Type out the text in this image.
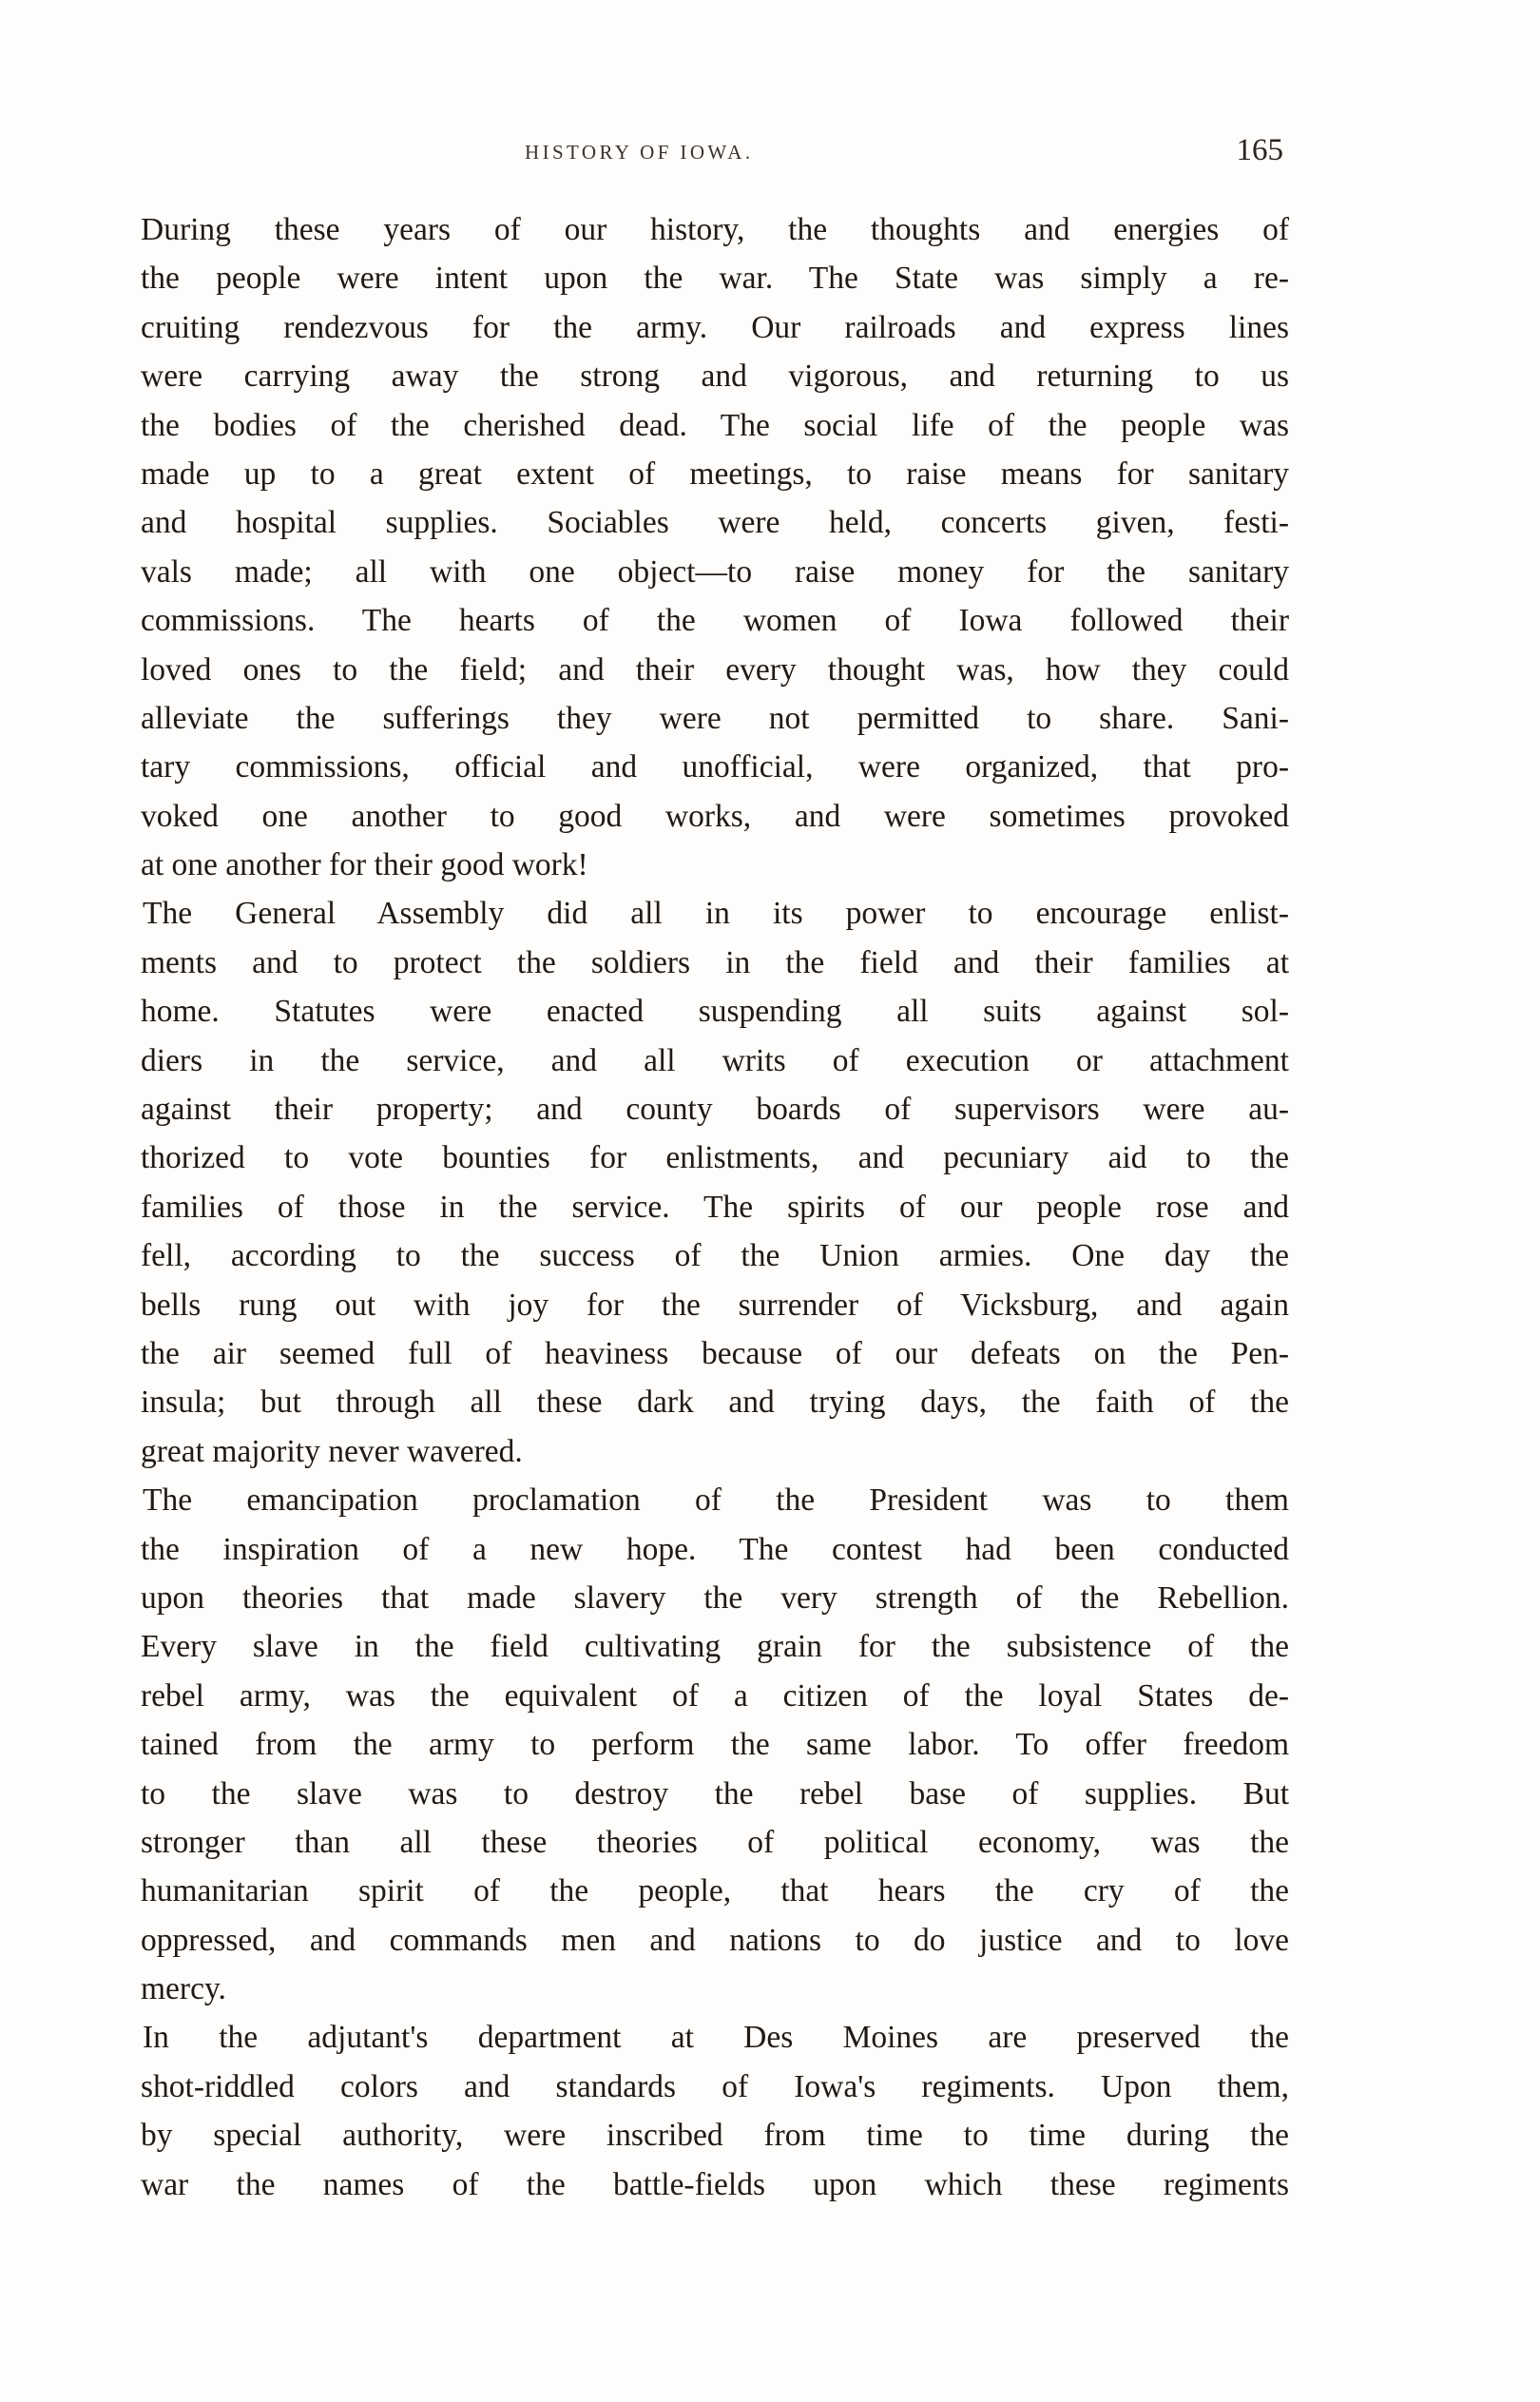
HISTORY OF IOWA.	165
During these years of our history, the thoughts and energies of
the people were intent upon the war. The State was simply a re-
cruiting rendezvous for the army. Our railroads and express lines
were carrying away the strong and vigorous, and returning to us
the bodies of the cherished dead. The social life of the people was
made up to a great extent of meetings, to raise means for sanitary
and hospital supplies. Sociables were held, concerts given, festi-
vals made; all with one object—to raise money for the sanitary
commissions. The hearts of the women of Iowa followed their
loved ones to the field; and their every thought was, how they could
alleviate the sufferings they were not permitted to share. Sani-
tary commissions, official and unofficial, were organized, that pro-
voked one another to good works, and were sometimes provoked
at one another for their good work!
The General Assembly did all in its power to encourage enlist-
ments and to protect the soldiers in the field and their families at
home. Statutes were enacted suspending all suits against sol-
diers in the service, and all writs of execution or attachment
against their property; and county boards of supervisors were au-
thorized to vote bounties for enlistments, and pecuniary aid to the
families of those in the service. The spirits of our people rose and
fell, according to the success of the Union armies. One day the
bells rung out with joy for the surrender of Vicksburg, and again
the air seemed full of heaviness because of our defeats on the Pen-
insula; but through all these dark and trying days, the faith of the
great majority never wavered.
The emancipation proclamation of the President was to them
the inspiration of a new hope. The contest had been conducted
upon theories that made slavery the very strength of the Rebellion.
Every slave in the field cultivating grain for the subsistence of the
rebel army, was the equivalent of a citizen of the loyal States de-
tained from the army to perform the same labor. To offer freedom
to the slave was to destroy the rebel base of supplies. But
stronger than all these theories of political economy, was the
humanitarian spirit of the people, that hears the cry of the
oppressed, and commands men and nations to do justice and to love
mercy.
In the adjutant's department at Des Moines are preserved the
shot-riddled colors and standards of Iowa's regiments. Upon them,
by special authority, were inscribed from time to time during the
war the names of the battle-fields upon which these regiments
